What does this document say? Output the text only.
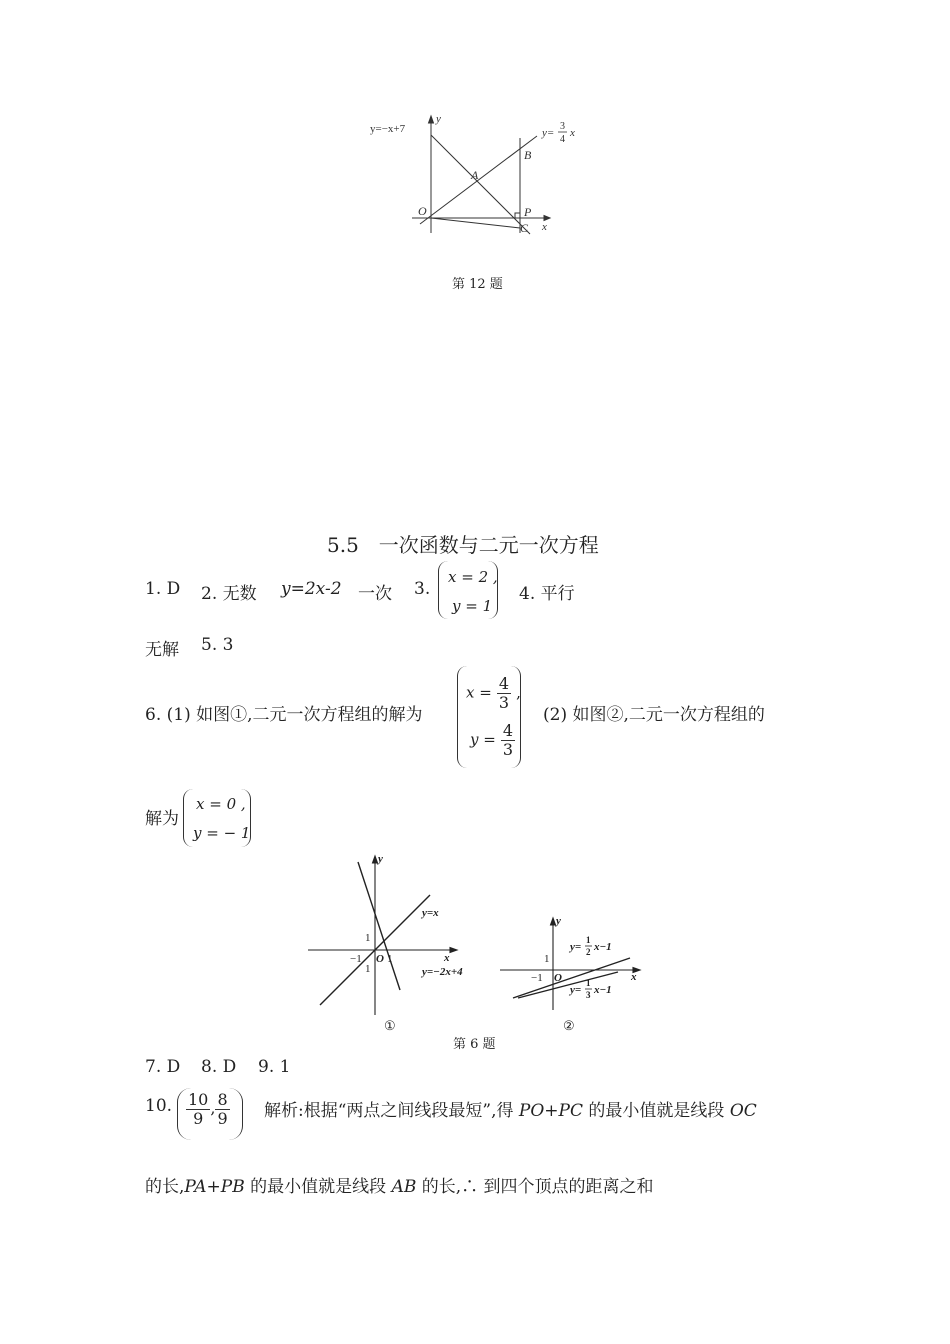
y=−x+7
y
y=
3
4
x
B
A
O	P
C x
第 12 题
5.5　一次函数与二元一次方程
1. D 2. 无数 y=2x-2 一次 3.
x = 2 ,
y = 1
4. 平行
无解 5. 3
6. (1) 如图①,二元一次方程组的解为
$x = \frac{4}{3}$ ,
$y = \frac{4}{3}$
(2) 如图②,二元一次方程组的
解为
x = 0 ,
y = − 1
y
x
y=x
y=−2x+4
1
−1 O 1
1
①
y
x
y=
1
2 x−1
y=
1
3 x−1
1
−1 O
②
第 6 题
7. D 8. D 9. 1
10. $\frac{10}{9}$ , $\frac{8}{9}$ 解析:根据“两点之间线段最短”,得 PO+PC 的最小值就是线段 OC
的长,PA+PB 的最小值就是线段 AB 的长,∴ 到四个顶点的距离之和
